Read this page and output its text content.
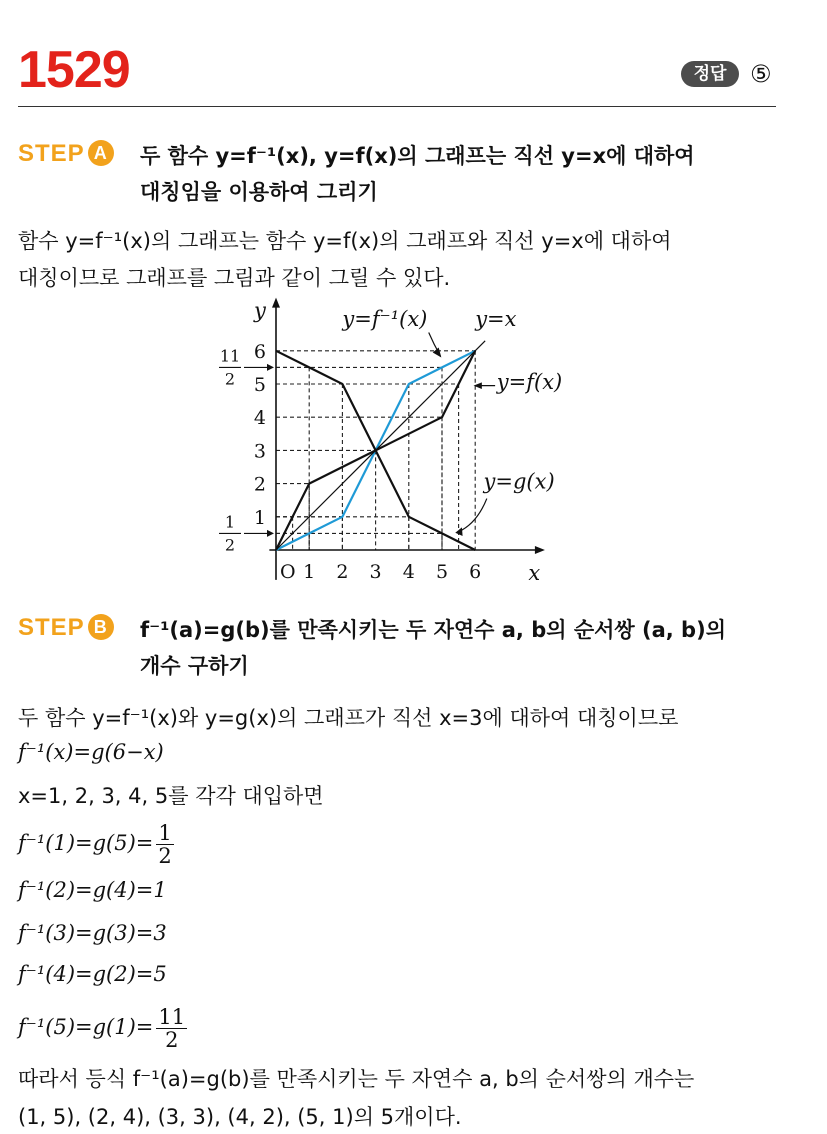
1529	정답 ⑤
STEP A 두 함수 y=f⁻¹(x), y=f(x)의 그래프는 직선 y=x에 대하여
대칭임을 이용하여 그리기
함수 y=f⁻¹(x)의 그래프는 함수 y=f(x)의 그래프와 직선 y=x에 대하여
대칭이므로 그래프를 그림과 같이 그릴 수 있다.
1 2 3 4 5 6
1
2
3
4
5
6
O
11
2
1
2
y
x
y=f⁻¹(x) y=x
y=f(x)
y=g(x)
STEP B f⁻¹(a)=g(b)를 만족시키는 두 자연수 a, b의 순서쌍 (a, b)의
개수 구하기
두 함수 y=f⁻¹(x)와 y=g(x)의 그래프가 직선 x=3에 대하여 대칭이므로
f⁻¹(x)=g(6−x)
x=1, 2, 3, 4, 5를 각각 대입하면
$f^{-1}(1)=g(5)= \frac{1}{2}$
f⁻¹(2)=g(4)=1
f⁻¹(3)=g(3)=3
f⁻¹(4)=g(2)=5
$f^{-1}(5)=g(1)= \frac{11}{2}$
따라서 등식 f⁻¹(a)=g(b)를 만족시키는 두 자연수 a, b의 순서쌍의 개수는
(1, 5), (2, 4), (3, 3), (4, 2), (5, 1)의 5개이다.
